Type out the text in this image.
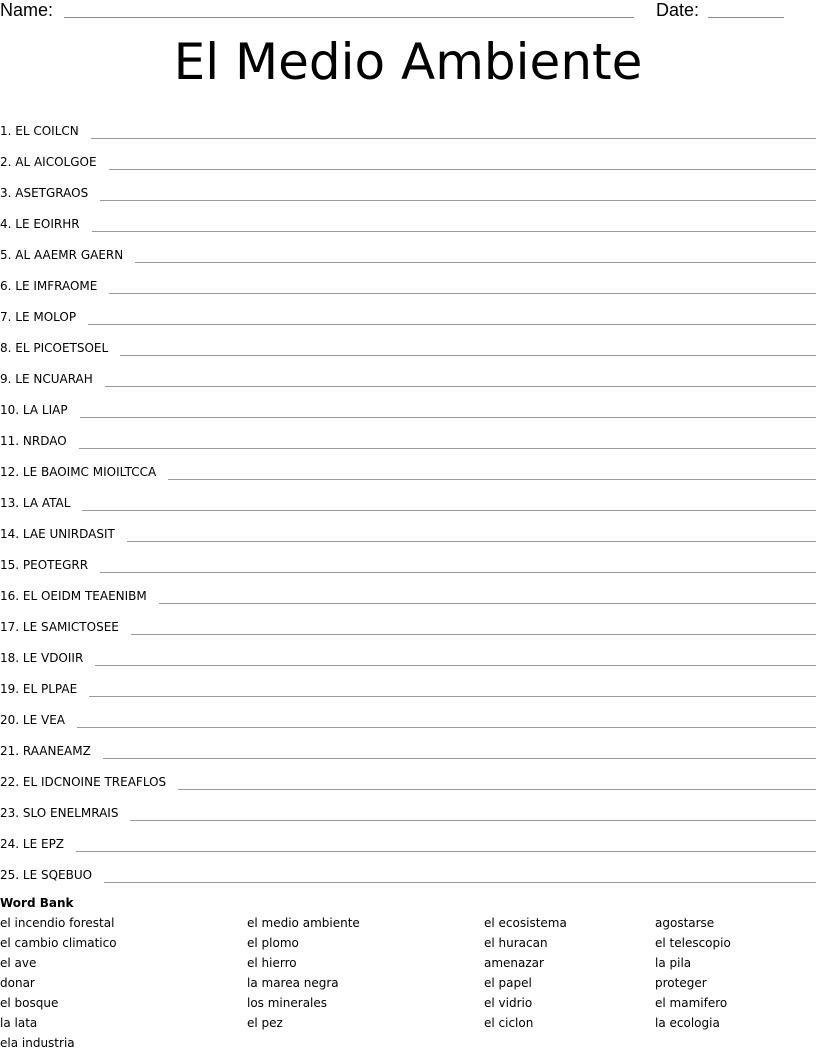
Name:	Date:
El Medio Ambiente
1. EL COILCN
2. AL AICOLGOE
3. ASETGRAOS
4. LE EOIRHR
5. AL AAEMR GAERN
6. LE IMFRAOME
7. LE MOLOP
8. EL PICOETSOEL
9. LE NCUARAH
10. LA LIAP
11. NRDAO
12. LE BAOIMC MIOILTCCA
13. LA ATAL
14. LAE UNIRDASIT
15. PEOTEGRR
16. EL OEIDM TEAENIBM
17. LE SAMICTOSEE
18. LE VDOIIR
19. EL PLPAE
20. LE VEA
21. RAANEAMZ
22. EL IDCNOINE TREAFLOS
23. SLO ENELMRAIS
24. LE EPZ
25. LE SQEBUO
Word Bank
el incendio forestal
el cambio climatico
el ave
donar
el bosque
la lata
ela industria
el medio ambiente
el plomo
el hierro
la marea negra
los minerales
el pez
el ecosistema
el huracan
amenazar
el papel
el vidrio
el ciclon
agostarse
el telescopio
la pila
proteger
el mamifero
la ecologia
